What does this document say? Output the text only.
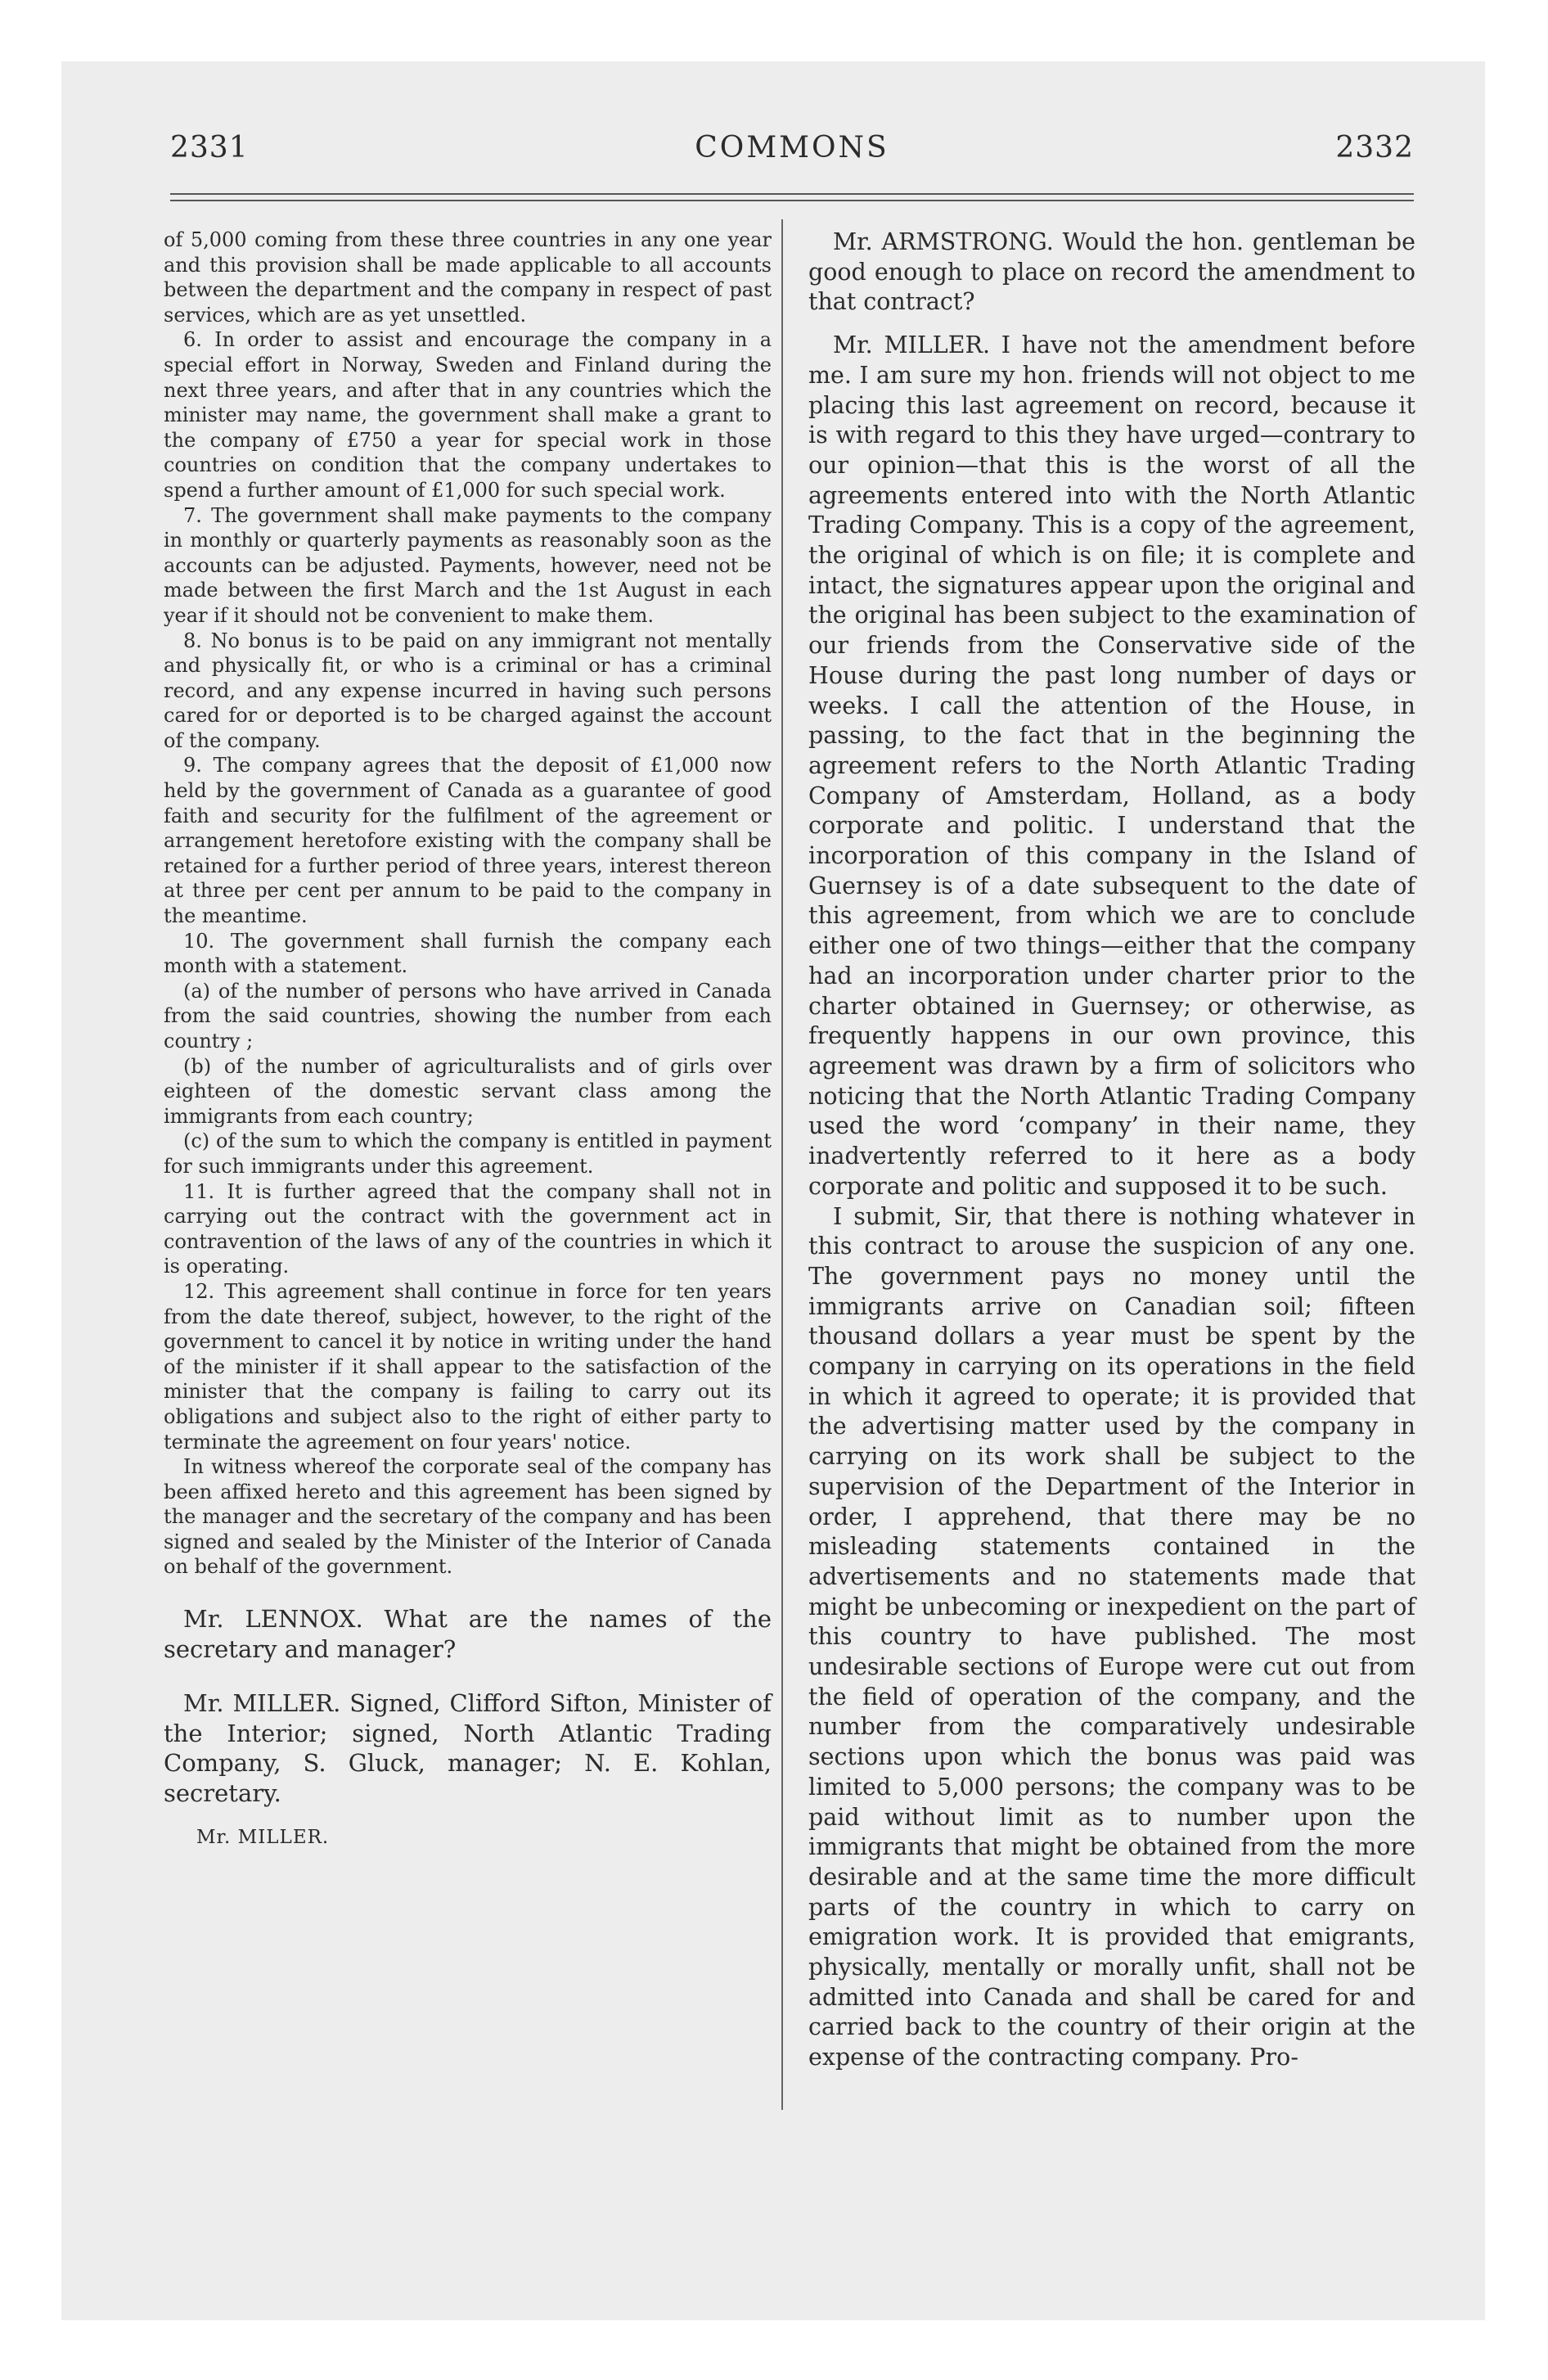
2331	COMMONS	2332

of 5,000 coming from these three countries in any one year and this provision shall be made applicable to all accounts between the department and the company in respect of past services, which are as yet unsettled.

6. In order to assist and encourage the company in a special effort in Norway, Sweden and Finland during the next three years, and after that in any countries which the minister may name, the government shall make a grant to the company of £750 a year for special work in those countries on condition that the company undertakes to spend a further amount of £1,000 for such special work.

7. The government shall make payments to the company in monthly or quarterly payments as reasonably soon as the accounts can be adjusted. Payments, however, need not be made between the first March and the 1st August in each year if it should not be convenient to make them.

8. No bonus is to be paid on any immigrant not mentally and physically fit, or who is a criminal or has a criminal record, and any expense incurred in having such persons cared for or deported is to be charged against the account of the company.

9. The company agrees that the deposit of £1,000 now held by the government of Canada as a guarantee of good faith and security for the fulfilment of the agreement or arrangement heretofore existing with the company shall be retained for a further period of three years, interest thereon at three per cent per annum to be paid to the company in the meantime.

10. The government shall furnish the company each month with a statement.

(a) of the number of persons who have arrived in Canada from the said countries, showing the number from each country ;

(b) of the number of agriculturalists and of girls over eighteen of the domestic servant class among the immigrants from each country;

(c) of the sum to which the company is entitled in payment for such immigrants under this agreement.

11. It is further agreed that the company shall not in carrying out the contract with the government act in contravention of the laws of any of the countries in which it is operating.

12. This agreement shall continue in force for ten years from the date thereof, subject, however, to the right of the government to cancel it by notice in writing under the hand of the minister if it shall appear to the satisfaction of the minister that the company is failing to carry out its obligations and subject also to the right of either party to terminate the agreement on four years' notice.

In witness whereof the corporate seal of the company has been affixed hereto and this agreement has been signed by the manager and the secretary of the company and has been signed and sealed by the Minister of the Interior of Canada on behalf of the government.

Mr. LENNOX. What are the names of the secretary and manager?

Mr. MILLER. Signed, Clifford Sifton, Minister of the Interior; signed, North Atlantic Trading Company, S. Gluck, manager; N. E. Kohlan, secretary.

Mr. MILLER.

Mr. ARMSTRONG. Would the hon. gentleman be good enough to place on record the amendment to that contract?

Mr. MILLER. I have not the amendment before me. I am sure my hon. friends will not object to me placing this last agreement on record, because it is with regard to this they have urged—contrary to our opinion—that this is the worst of all the agreements entered into with the North Atlantic Trading Company. This is a copy of the agreement, the original of which is on file; it is complete and intact, the signatures appear upon the original and the original has been subject to the examination of our friends from the Conservative side of the House during the past long number of days or weeks. I call the attention of the House, in passing, to the fact that in the beginning the agreement refers to the North Atlantic Trading Company of Amsterdam, Holland, as a body corporate and politic. I understand that the incorporation of this company in the Island of Guernsey is of a date subsequent to the date of this agreement, from which we are to conclude either one of two things—either that the company had an incorporation under charter prior to the charter obtained in Guernsey; or otherwise, as frequently happens in our own province, this agreement was drawn by a firm of solicitors who noticing that the North Atlantic Trading Company used the word ‘company’ in their name, they inadvertently referred to it here as a body corporate and politic and supposed it to be such.

I submit, Sir, that there is nothing whatever in this contract to arouse the suspicion of any one. The government pays no money until the immigrants arrive on Canadian soil; fifteen thousand dollars a year must be spent by the company in carrying on its operations in the field in which it agreed to operate; it is provided that the advertising matter used by the company in carrying on its work shall be subject to the supervision of the Department of the Interior in order, I apprehend, that there may be no misleading statements contained in the advertisements and no statements made that might be unbecoming or inexpedient on the part of this country to have published. The most undesirable sections of Europe were cut out from the field of operation of the company, and the number from the comparatively undesirable sections upon which the bonus was paid was limited to 5,000 persons; the company was to be paid without limit as to number upon the immigrants that might be obtained from the more desirable and at the same time the more difficult parts of the country in which to carry on emigration work. It is provided that emigrants, physically, mentally or morally unfit, shall not be admitted into Canada and shall be cared for and carried back to the country of their origin at the expense of the contracting company. Pro-
